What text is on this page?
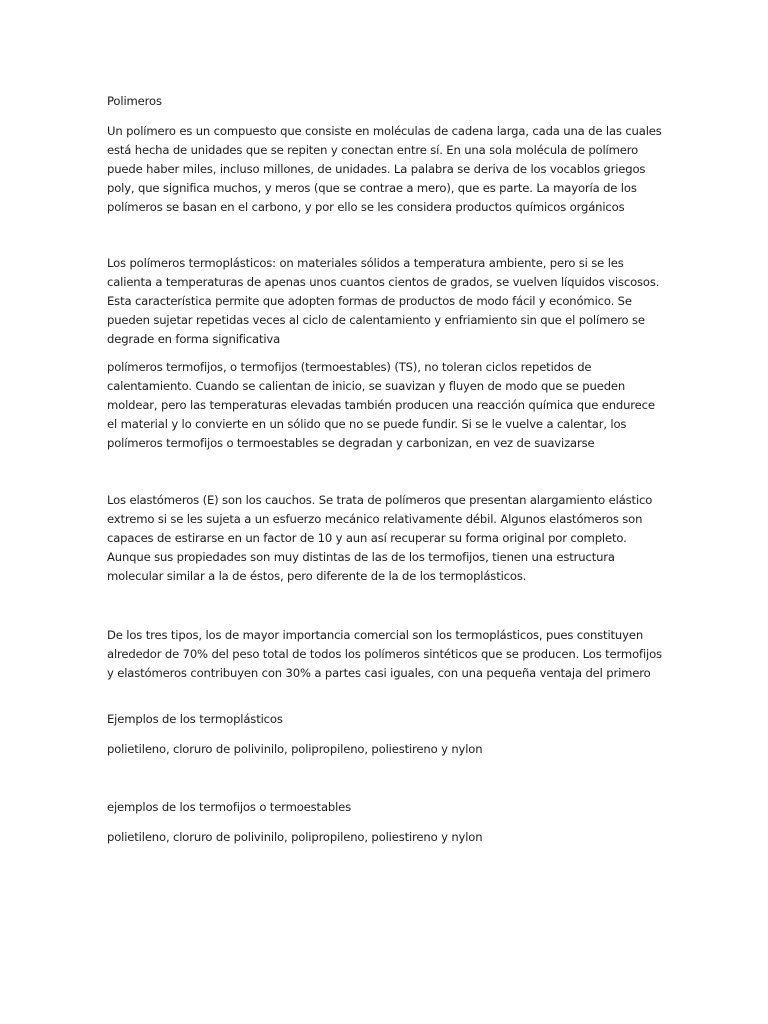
Polimeros

Un polímero es un compuesto que consiste en moléculas de cadena larga, cada una de las cuales está hecha de unidades que se repiten y conectan entre sí. En una sola molécula de polímero puede haber miles, incluso millones, de unidades. La palabra se deriva de los vocablos griegos poly, que significa muchos, y meros (que se contrae a mero), que es parte. La mayoría de los polímeros se basan en el carbono, y por ello se les considera productos químicos orgánicos

Los polímeros termoplásticos: on materiales sólidos a temperatura ambiente, pero si se les calienta a temperaturas de apenas unos cuantos cientos de grados, se vuelven líquidos viscosos. Esta característica permite que adopten formas de productos de modo fácil y económico. Se pueden sujetar repetidas veces al ciclo de calentamiento y enfriamiento sin que el polímero se degrade en forma significativa

polímeros termofijos, o termofijos (termoestables) (TS), no toleran ciclos repetidos de calentamiento. Cuando se calientan de inicio, se suavizan y fluyen de modo que se pueden moldear, pero las temperaturas elevadas también producen una reacción química que endurece el material y lo convierte en un sólido que no se puede fundir. Si se le vuelve a calentar, los polímeros termofijos o termoestables se degradan y carbonizan, en vez de suavizarse

Los elastómeros (E) son los cauchos. Se trata de polímeros que presentan alargamiento elástico extremo si se les sujeta a un esfuerzo mecánico relativamente débil. Algunos elastómeros son capaces de estirarse en un factor de 10 y aun así recuperar su forma original por completo. Aunque sus propiedades son muy distintas de las de los termofijos, tienen una estructura molecular similar a la de éstos, pero diferente de la de los termoplásticos.

De los tres tipos, los de mayor importancia comercial son los termoplásticos, pues constituyen alrededor de 70% del peso total de todos los polímeros sintéticos que se producen. Los termofijos y elastómeros contribuyen con 30% a partes casi iguales, con una pequeña ventaja del primero

Ejemplos de los termoplásticos

polietileno, cloruro de polivinilo, polipropileno, poliestireno y nylon

ejemplos de los termofijos o termoestables

polietileno, cloruro de polivinilo, polipropileno, poliestireno y nylon
